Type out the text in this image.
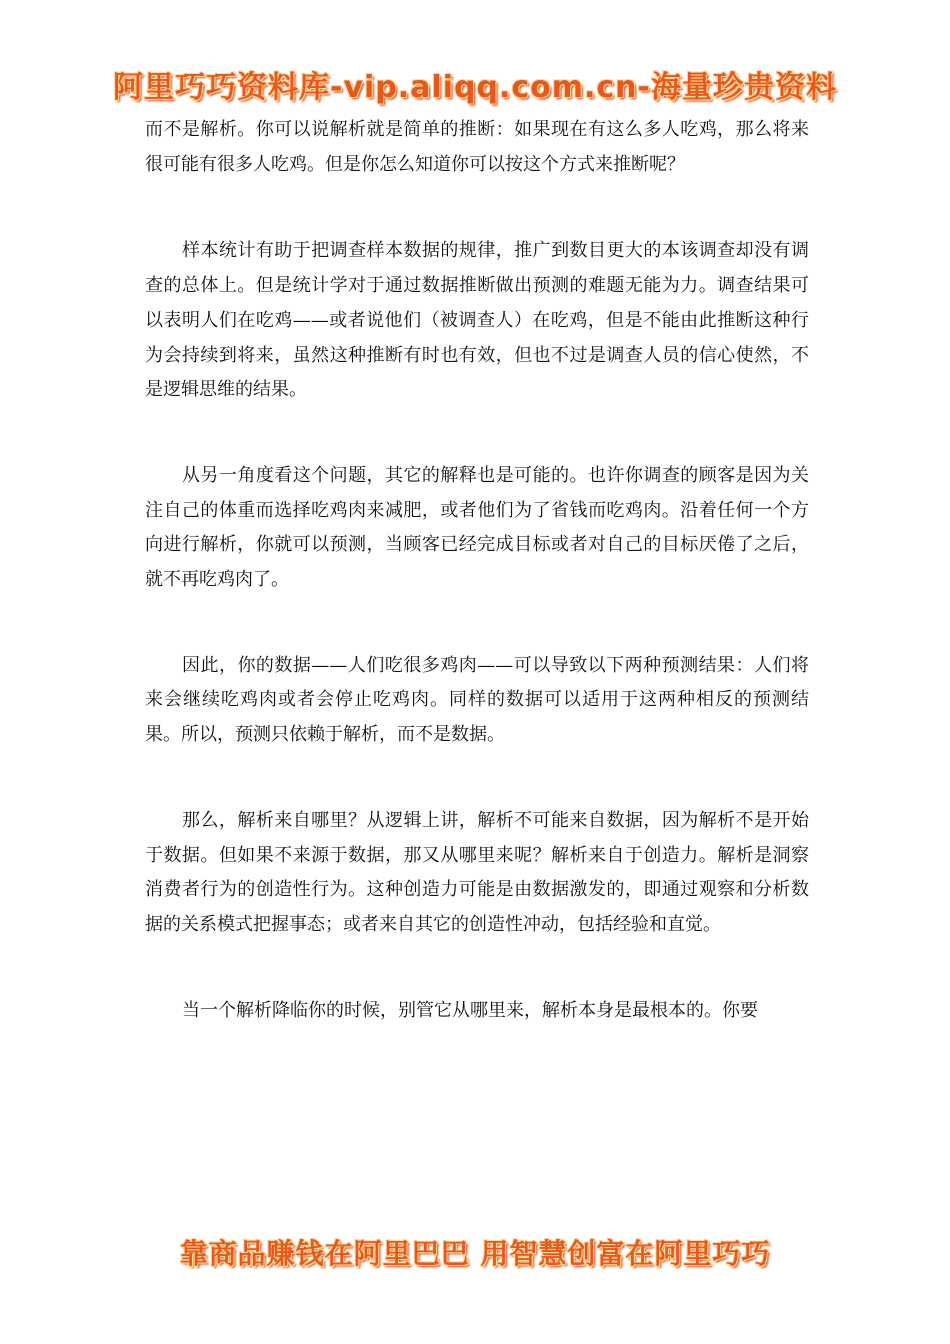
阿里巧巧资料库-vip.aliqq.com.cn-海量珍贵资料

而不是解析。你可以说解析就是简单的推断：如果现在有这么多人吃鸡，那么将来很可能有很多人吃鸡。但是你怎么知道你可以按这个方式来推断呢？

样本统计有助于把调查样本数据的规律，推广到数目更大的本该调查却没有调查的总体上。但是统计学对于通过数据推断做出预测的难题无能为力。调查结果可以表明人们在吃鸡——或者说他们（被调查人）在吃鸡，但是不能由此推断这种行为会持续到将来，虽然这种推断有时也有效，但也不过是调查人员的信心使然，不是逻辑思维的结果。

从另一角度看这个问题，其它的解释也是可能的。也许你调查的顾客是因为关注自己的体重而选择吃鸡肉来减肥，或者他们为了省钱而吃鸡肉。沿着任何一个方向进行解析，你就可以预测，当顾客已经完成目标或者对自己的目标厌倦了之后，就不再吃鸡肉了。

因此，你的数据——人们吃很多鸡肉——可以导致以下两种预测结果：人们将来会继续吃鸡肉或者会停止吃鸡肉。同样的数据可以适用于这两种相反的预测结果。所以，预测只依赖于解析，而不是数据。

那么，解析来自哪里？从逻辑上讲，解析不可能来自数据，因为解析不是开始于数据。但如果不来源于数据，那又从哪里来呢？解析来自于创造力。解析是洞察消费者行为的创造性行为。这种创造力可能是由数据激发的，即通过观察和分析数据的关系模式把握事态；或者来自其它的创造性冲动，包括经验和直觉。

当一个解析降临你的时候，别管它从哪里来，解析本身是最根本的。你要

靠商品赚钱在阿里巴巴 用智慧创富在阿里巧巧
